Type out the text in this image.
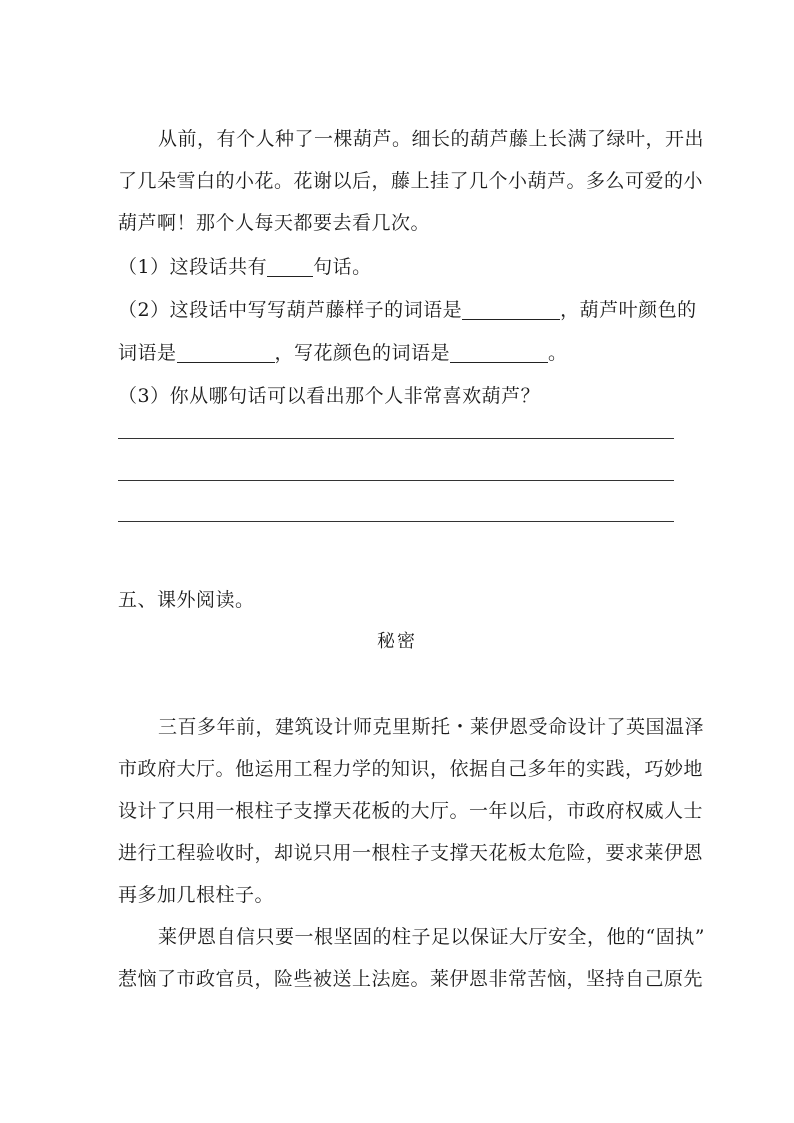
从前，有个人种了一棵葫芦。细长的葫芦藤上长满了绿叶，开出
了几朵雪白的小花。花谢以后，藤上挂了几个小葫芦。多么可爱的小
葫芦啊！那个人每天都要去看几次。
（1）这段话共有 句话。
（2）这段话中写写葫芦藤样子的词语是	，葫芦叶颜色的
词语是	，写花颜色的词语是	。
（3）你从哪句话可以看出那个人非常喜欢葫芦？
五、课外阅读。
秘密
三百多年前，建筑设计师克里斯托・莱伊恩受命设计了英国温泽
市政府大厅。他运用工程力学的知识，依据自己多年的实践，巧妙地
设计了只用一根柱子支撑天花板的大厅。一年以后，市政府权威人士
进行工程验收时，却说只用一根柱子支撑天花板太危险，要求莱伊恩
再多加几根柱子。
莱伊恩自信只要一根坚固的柱子足以保证大厅安全，他的“固执”
惹恼了市政官员，险些被送上法庭。莱伊恩非常苦恼，坚持自己原先
